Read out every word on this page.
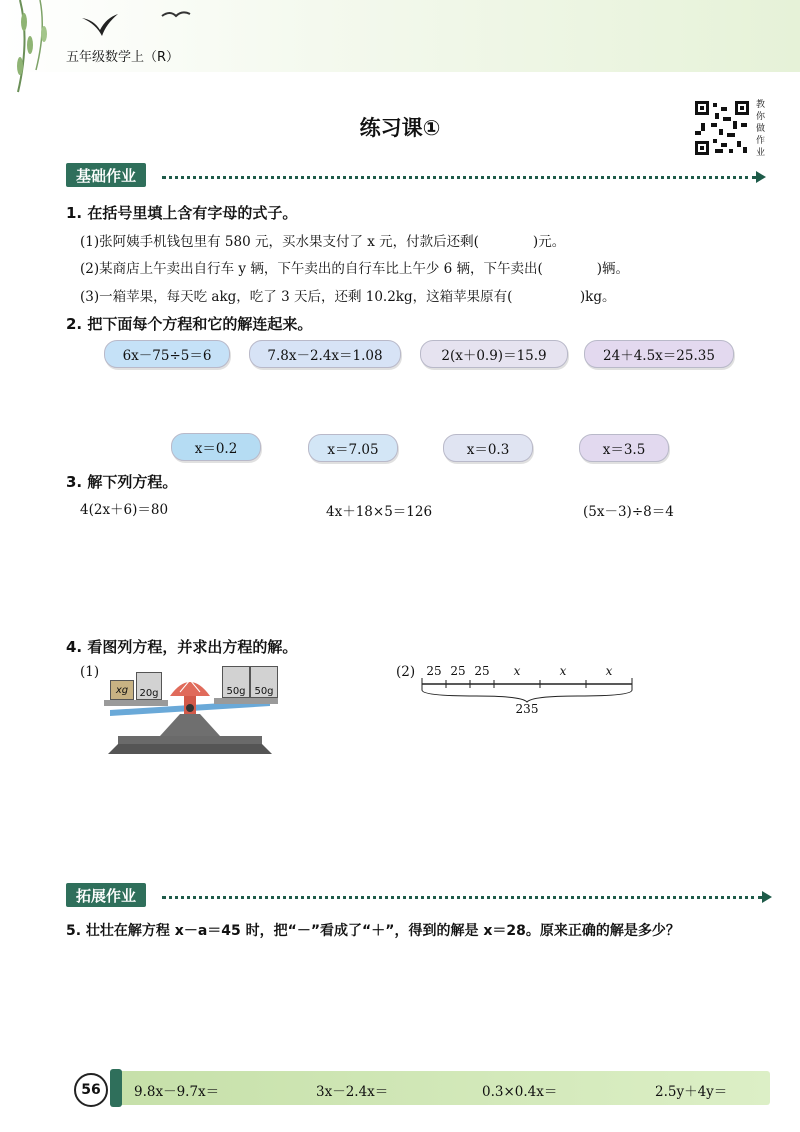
五年级数学上（R）
练习课①
教你做作业
基础作业
1. 在括号里填上含有字母的式子。
(1)张阿姨手机钱包里有 580 元，买水果支付了 x 元，付款后还剩(　　　　)元。
(2)某商店上午卖出自行车 y 辆，下午卖出的自行车比上午少 6 辆，下午卖出(　　　　)辆。
(3)一箱苹果，每天吃 akg，吃了 3 天后，还剩 10.2kg，这箱苹果原有(　　　　　)kg。
2. 把下面每个方程和它的解连起来。
6x－75÷5＝6	7.8x－2.4x＝1.08	2(x＋0.9)＝15.9	24＋4.5x＝25.35
x＝0.2	x＝7.05	x＝0.3	x＝3.5
3. 解下列方程。
4(2x＋6)＝80	4x＋18×5＝126	(5x－3)÷8＝4
4. 看图列方程，并求出方程的解。
(1)
xg 20g	50g 50g
(2) 25 25 25	x	x	x
235
拓展作业
5. 壮壮在解方程 x－a＝45 时，把“－”看成了“＋”，得到的解是 x＝28。原来正确的解是多少？
56	9.8x－9.7x＝	3x－2.4x＝	0.3×0.4x＝	2.5y＋4y＝
